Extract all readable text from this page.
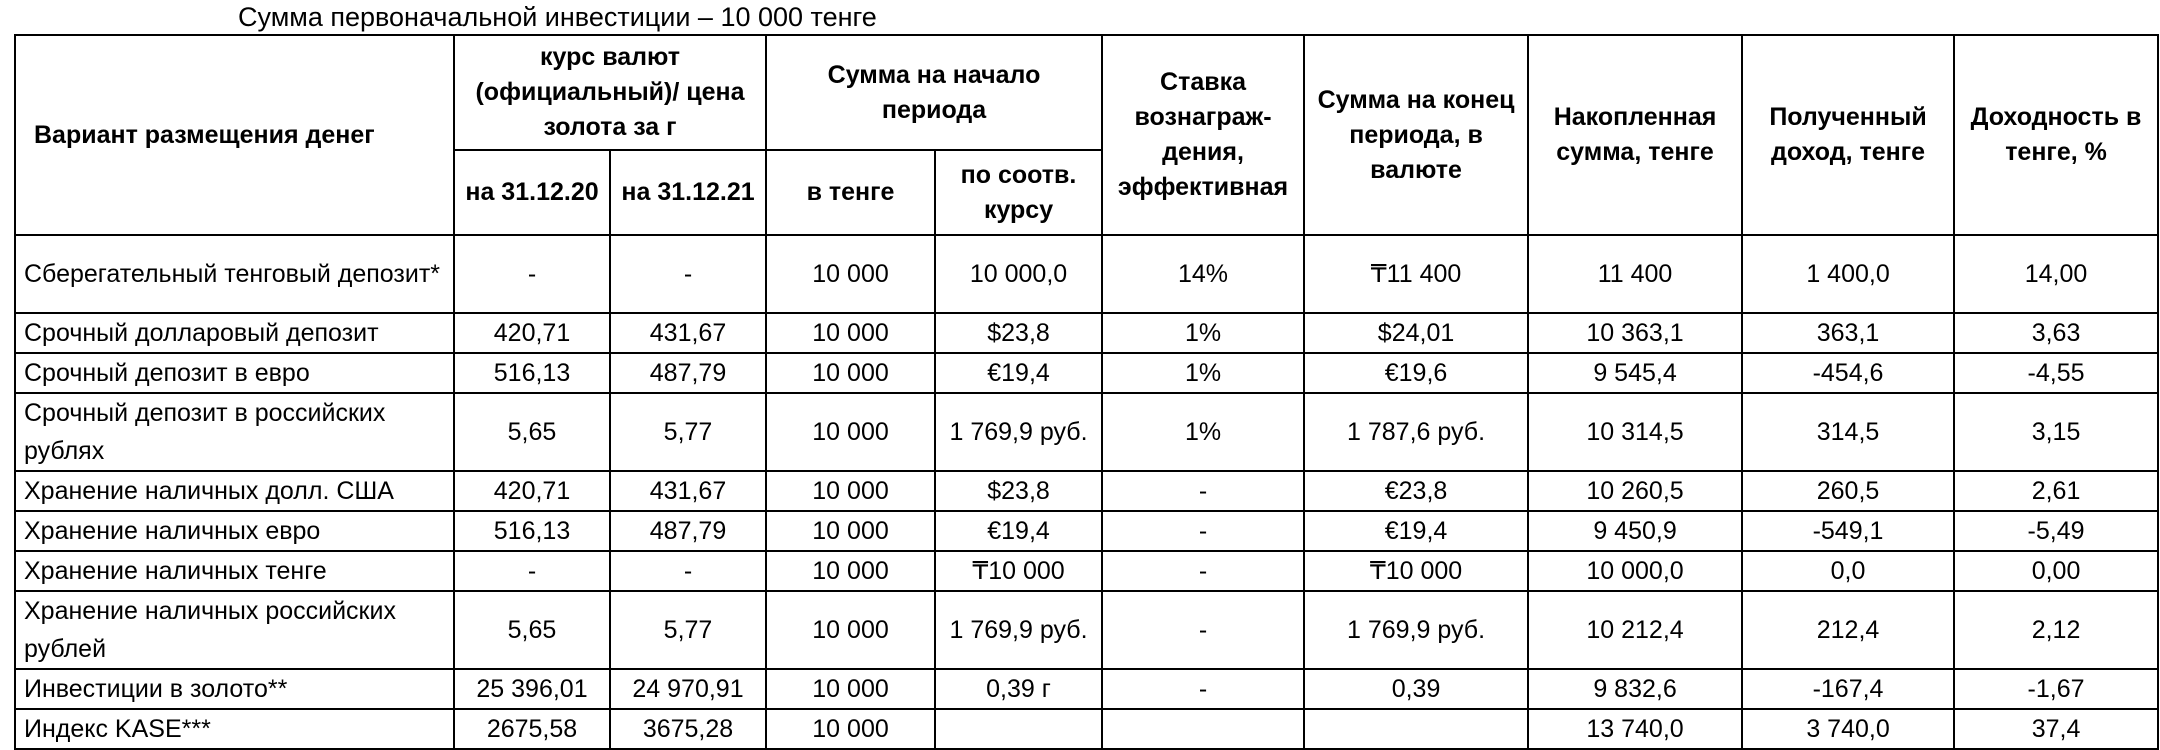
Сумма первоначальной инвестиции – 10 000 тенге
Вариант размещения денег	курс валют (официальный)/ цена золота за г		Сумма на начало периода		Ставка вознаграж-дения, эффективная	Сумма на конец периода, в валюте	Накопленная сумма, тенге	Полученный доход, тенге	Доходность в тенге, %
	на 31.12.20	на 31.12.21	в тенге	по соотв. курсу					
Сберегательный тенговый депозит*	-	-	10 000	10 000,0	14%	₸11 400	11 400	1 400,0	14,00
Срочный долларовый депозит	420,71	431,67	10 000	$23,8	1%	$24,01	10 363,1	363,1	3,63
Срочный депозит в евро	516,13	487,79	10 000	€19,4	1%	€19,6	9 545,4	-454,6	-4,55
Срочный депозит в российских рублях	5,65	5,77	10 000	1 769,9 руб.	1%	1 787,6 руб.	10 314,5	314,5	3,15
Хранение наличных долл. США	420,71	431,67	10 000	$23,8	-	€23,8	10 260,5	260,5	2,61
Хранение наличных евро	516,13	487,79	10 000	€19,4	-	€19,4	9 450,9	-549,1	-5,49
Хранение наличных тенге	-	-	10 000	₸10 000	-	₸10 000	10 000,0	0,0	0,00
Хранение наличных российских рублей	5,65	5,77	10 000	1 769,9 руб.	-	1 769,9 руб.	10 212,4	212,4	2,12
Инвестиции в золото**	25 396,01	24 970,91	10 000	0,39 г	-	0,39	9 832,6	-167,4	-1,67
Индекс KASE***	2675,58	3675,28	10 000				13 740,0	3 740,0	37,4
